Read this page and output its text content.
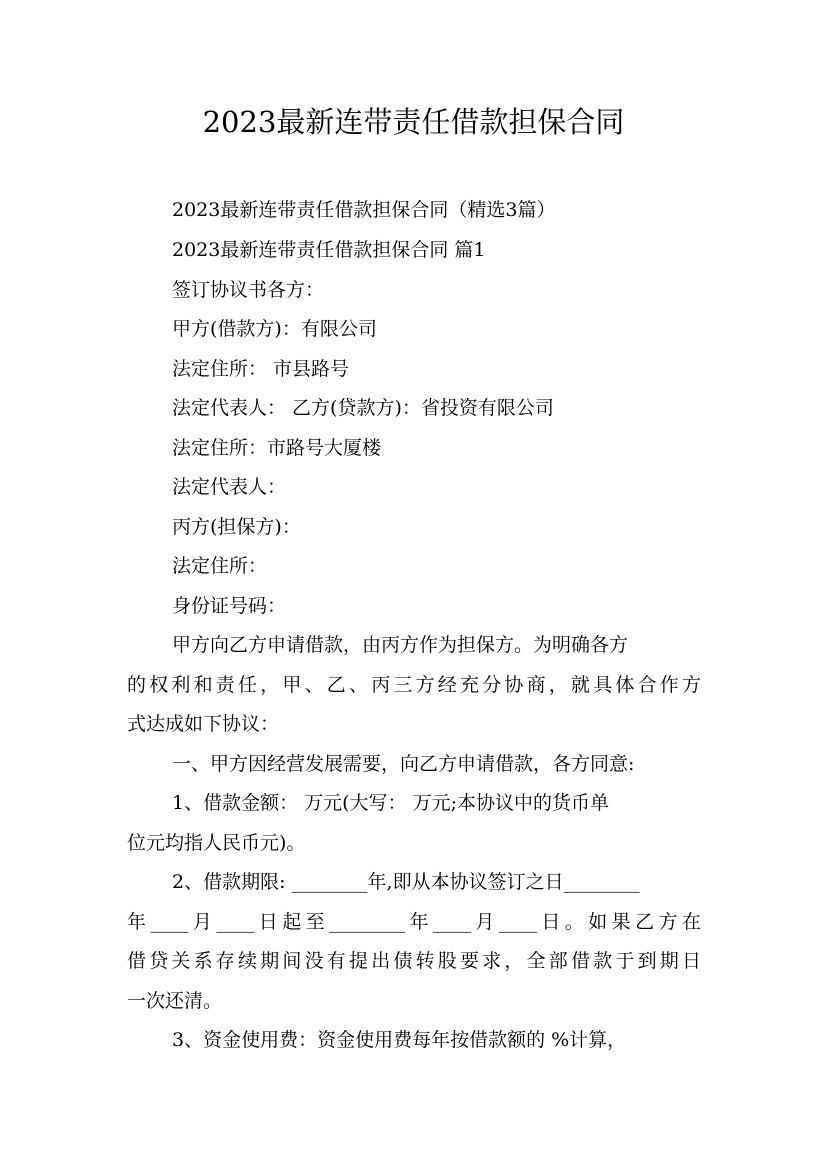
2023最新连带责任借款担保合同
2023最新连带责任借款担保合同（精选3篇）
2023最新连带责任借款担保合同 篇1
签订协议书各方：
甲方(借款方)：有限公司
法定住所： 市县路号
法定代表人： 乙方(贷款方)：省投资有限公司
法定住所：市路号大厦楼
法定代表人：
丙方(担保方)：
法定住所：
身份证号码：
甲方向乙方申请借款，由丙方作为担保方。为明确各方
的权利和责任，甲、乙、丙三方经充分协商，就具体合作方
式达成如下协议：
一、甲方因经营发展需要，向乙方申请借款，各方同意:
1、借款金额： 万元(大写： 万元;本协议中的货币单
位元均指人民币元)。
2、借款期限: ________年,即从本协议签订之日________
年____月____日起至________年____月____日。如果乙方在
借贷关系存续期间没有提出债转股要求，全部借款于到期日
一次还清。
3、资金使用费：资金使用费每年按借款额的 %计算，
